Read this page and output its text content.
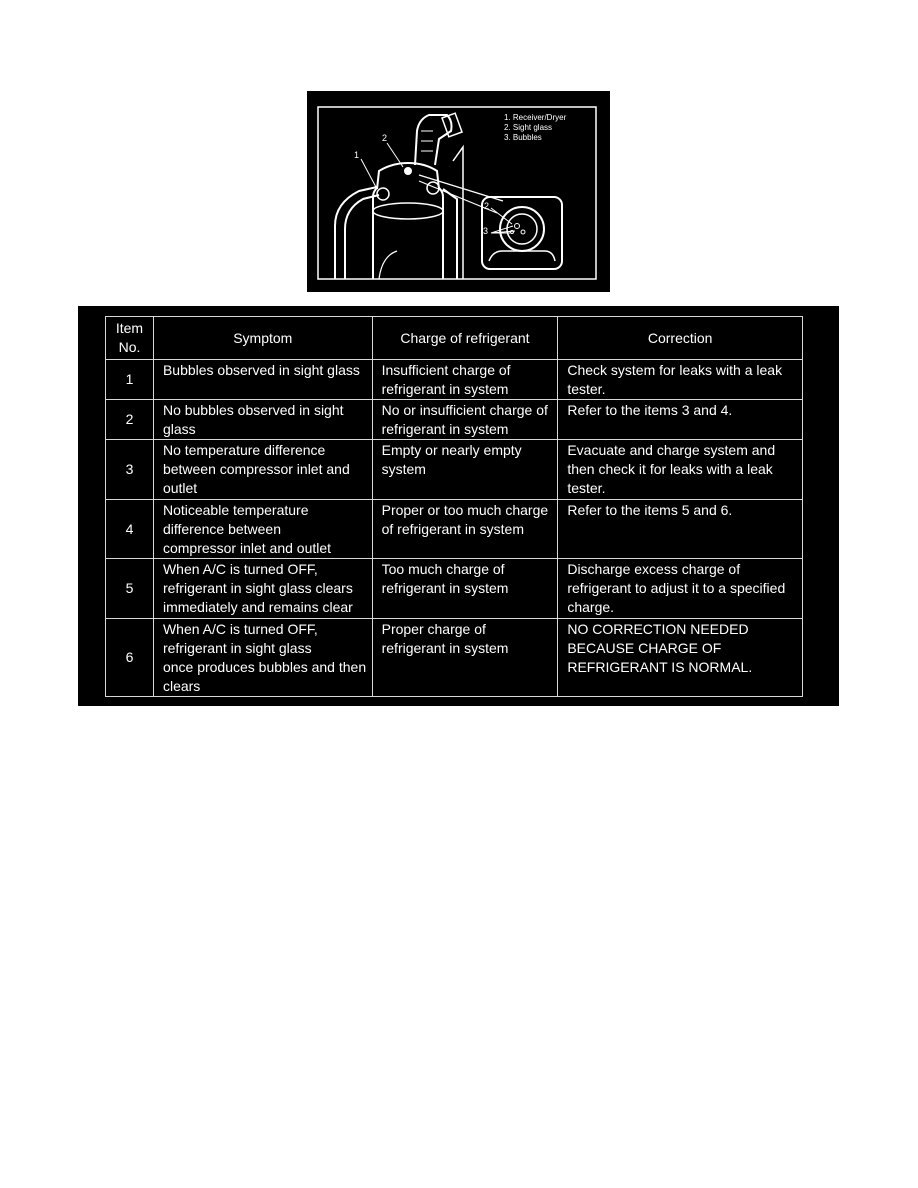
1. Receiver/Dryer
2. Sight glass
3. Bubbles
1
2
2
3
Item
No.	Symptom	Charge of refrigerant	Correction
1	Bubbles observed in sight glass	Insufficient charge of
refrigerant in system	Check system for leaks with a leak
tester.
2	No bubbles observed in sight
glass	No or insufficient charge of
refrigerant in system	Refer to the items 3 and 4.
3	No temperature difference
between compressor inlet and
outlet	Empty or nearly empty
system	Evacuate and charge system and
then check it for leaks with a leak
tester.
4	Noticeable temperature
difference between
compressor inlet and outlet	Proper or too much charge
of refrigerant in system	Refer to the items 5 and 6.
5	When A/C is turned OFF,
refrigerant in sight glass clears
immediately and remains clear	Too much charge of
refrigerant in system	Discharge excess charge of
refrigerant to adjust it to a specified
charge.
6	When A/C is turned OFF,
refrigerant in sight glass
once produces bubbles and then
clears	Proper charge of
refrigerant in system	NO CORRECTION NEEDED
BECAUSE CHARGE OF
REFRIGERANT IS NORMAL.
